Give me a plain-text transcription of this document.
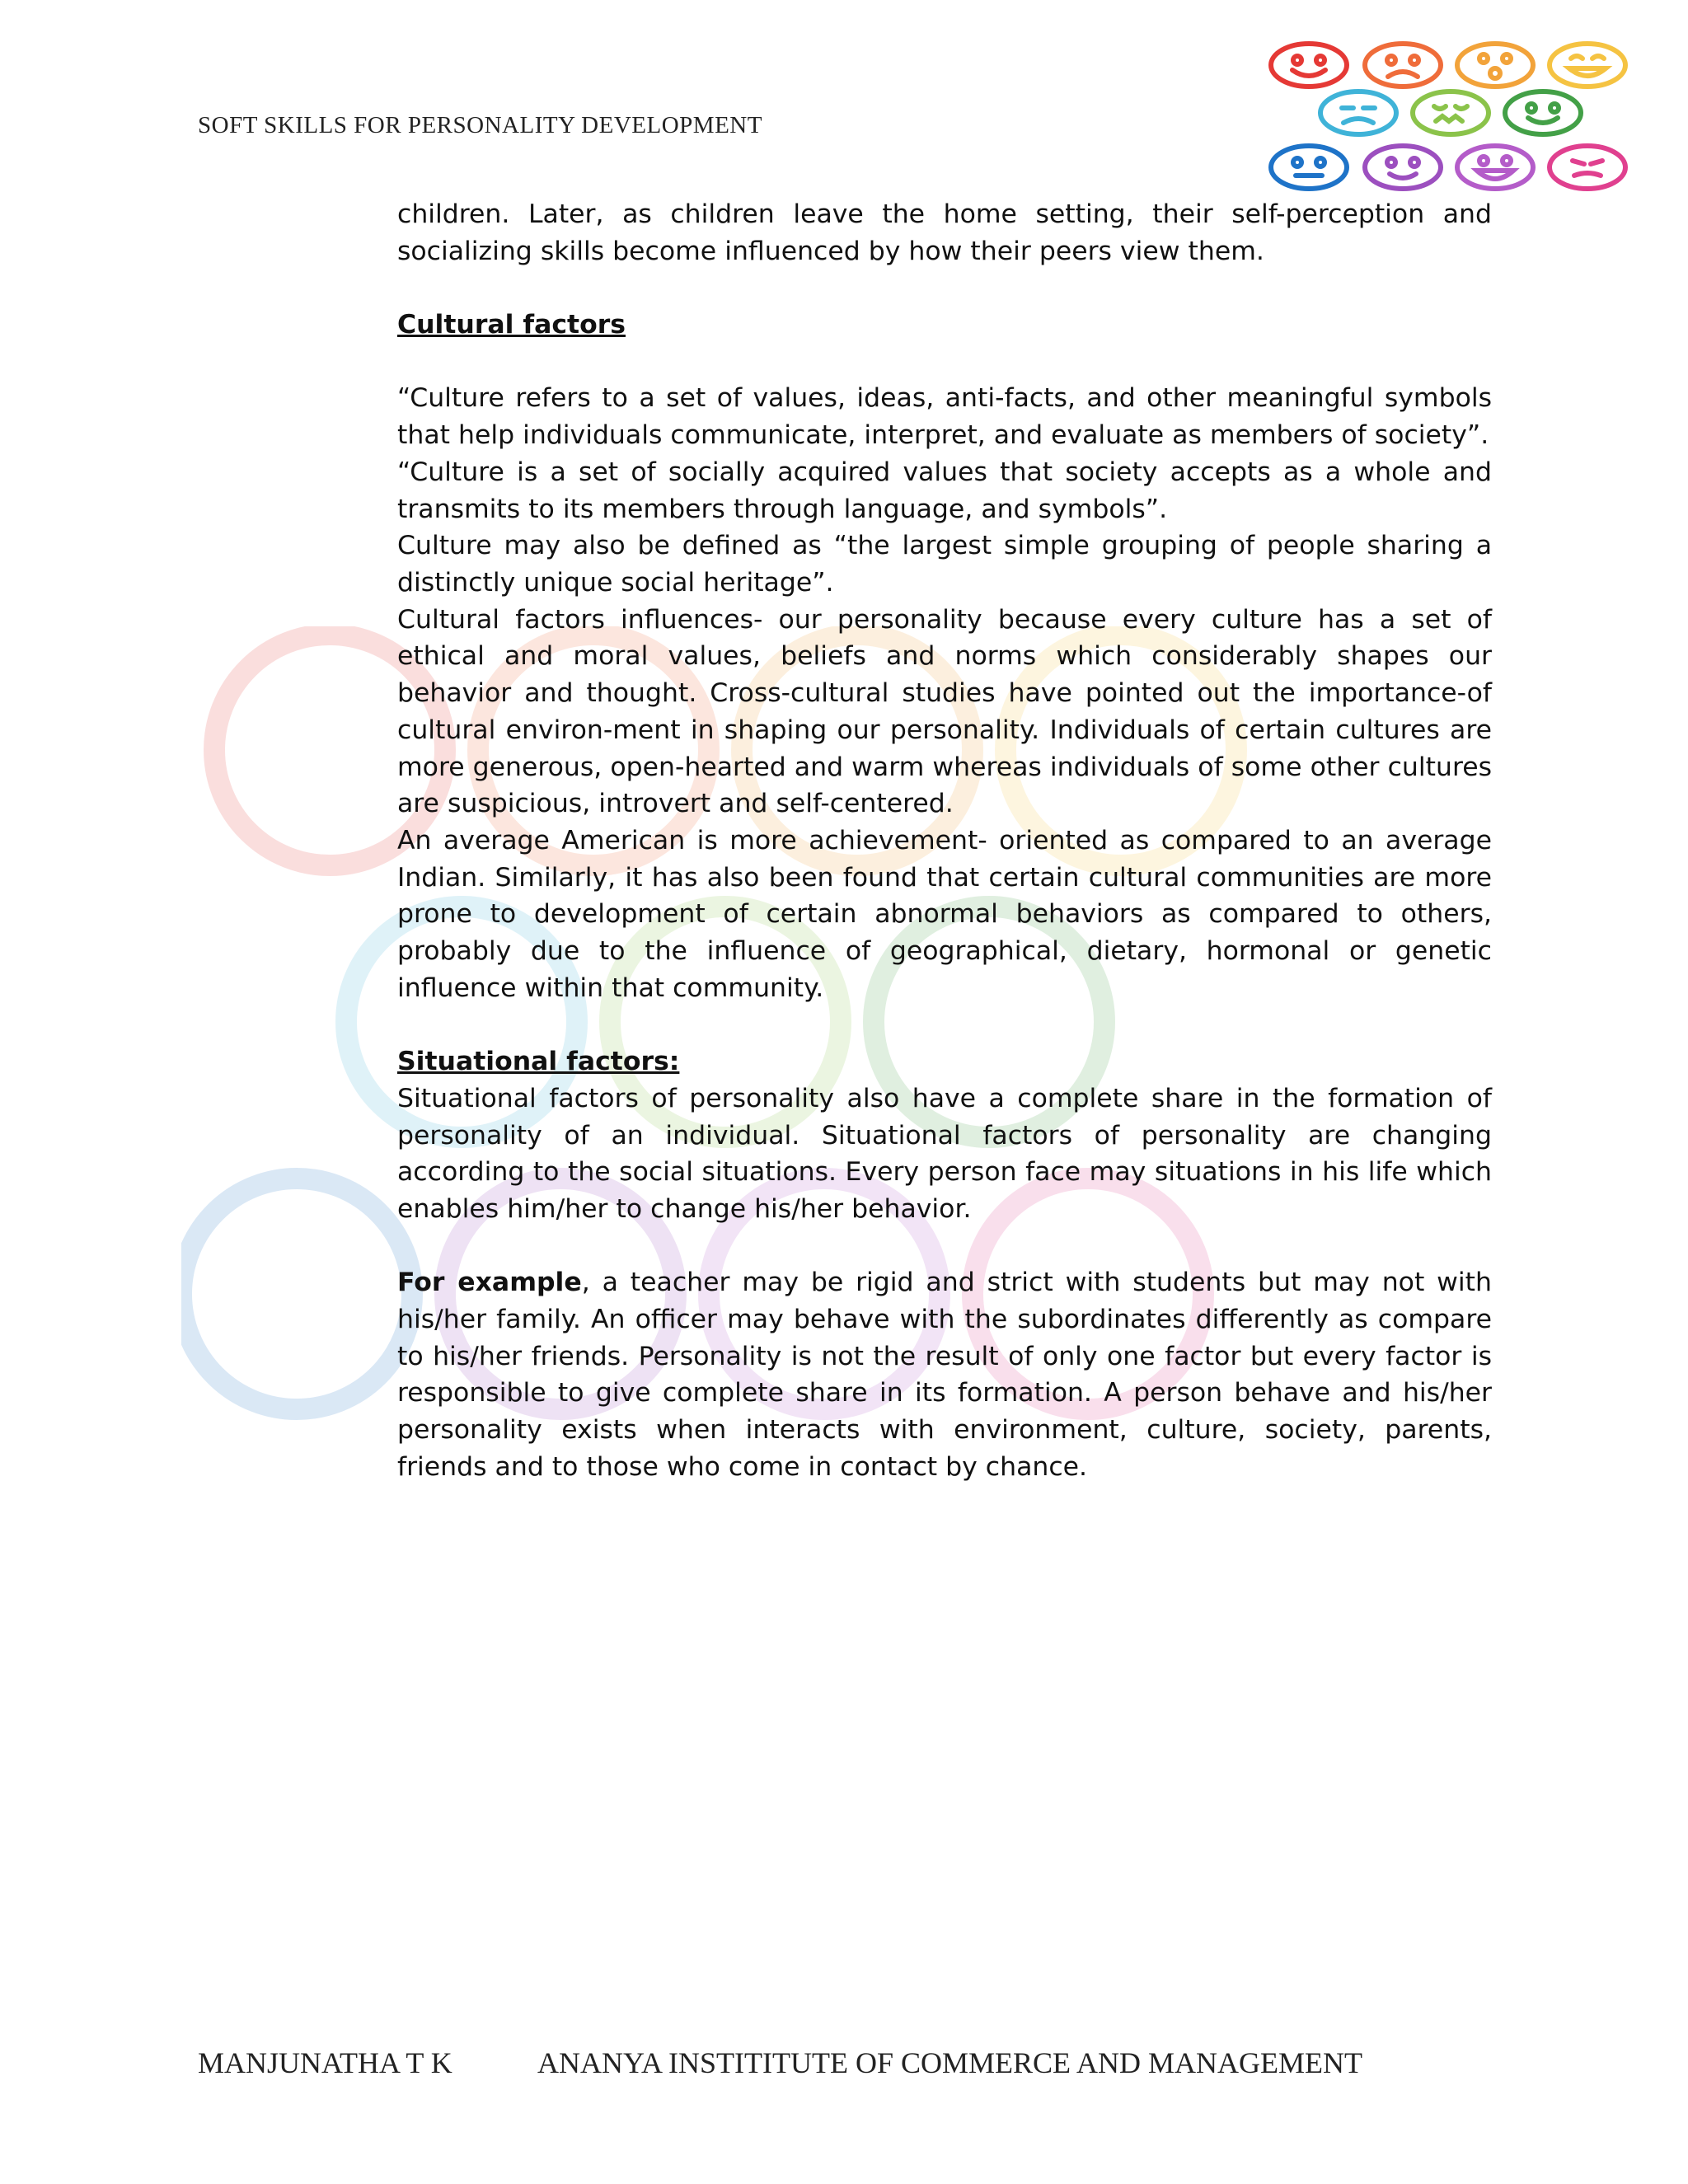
SOFT SKILLS FOR PERSONALITY DEVELOPMENT

children. Later, as children leave the home setting, their self-perception and socializing skills become influenced by how their peers view them.

Cultural factors

“Culture refers to a set of values, ideas, anti-facts, and other meaningful symbols that help individuals communicate, interpret, and evaluate as members of society”.

“Culture is a set of socially acquired values that society accepts as a whole and transmits to its members through language, and symbols”.

Culture may also be defined as “the largest simple grouping of people sharing a distinctly unique social heritage”.

Cultural factors influences- our personality because every culture has a set of ethical and moral values, beliefs and norms which considerably shapes our behavior and thought. Cross-cultural studies have pointed out the importance-of cultural environ-ment in shaping our personality. Individuals of certain cultures are more generous, open-hearted and warm whereas individuals of some other cultures are suspicious, introvert and self-centered.

An average American is more achievement- oriented as compared to an average Indian. Similarly, it has also been found that certain cultural communities are more prone to development of certain abnormal behaviors as compared to others, probably due to the influence of geographical, dietary, hormonal or genetic influence within that community.

Situational factors:

Situational factors of personality also have a complete share in the formation of personality of an individual. Situational factors of personality are changing according to the social situations. Every person face may situations in his life which enables him/her to change his/her behavior.

For example, a teacher may be rigid and strict with students but may not with his/her family. An officer may behave with the subordinates differently as compare to his/her friends. Personality is not the result of only one factor but every factor is responsible to give complete share in its formation. A person behave and his/her personality exists when interacts with environment, culture, society, parents, friends and to those who come in contact by chance.

MANJUNATHA T K	ANANYA INSTITITUTE OF COMMERCE AND MANAGEMENT
